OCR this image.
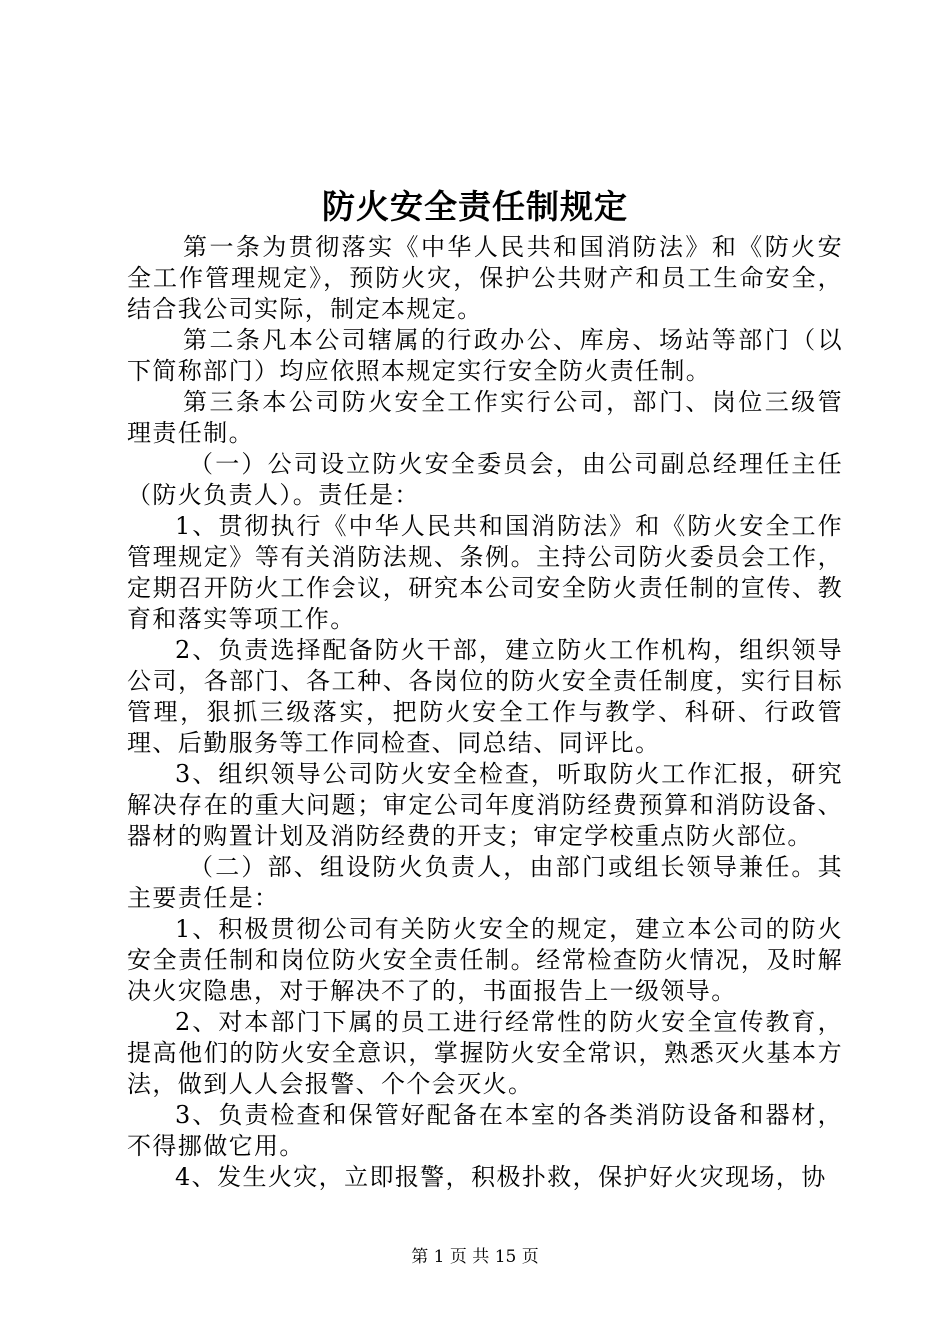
防火安全责任制规定

第一条为贯彻落实《中华人民共和国消防法》和《防火安全工作管理规定》，预防火灾，保护公共财产和员工生命安全，结合我公司实际，制定本规定。

第二条凡本公司辖属的行政办公、库房、场站等部门（以下简称部门）均应依照本规定实行安全防火责任制。

第三条本公司防火安全工作实行公司，部门、岗位三级管理责任制。

（一）公司设立防火安全委员会，由公司副总经理任主任（防火负责人）。责任是：

1、贯彻执行《中华人民共和国消防法》和《防火安全工作管理规定》等有关消防法规、条例。主持公司防火委员会工作，定期召开防火工作会议，研究本公司安全防火责任制的宣传、教育和落实等项工作。

2、负责选择配备防火干部，建立防火工作机构，组织领导公司，各部门、各工种、各岗位的防火安全责任制度，实行目标管理，狠抓三级落实，把防火安全工作与教学、科研、行政管理、后勤服务等工作同检查、同总结、同评比。

3、组织领导公司防火安全检查，听取防火工作汇报，研究解决存在的重大问题；审定公司年度消防经费预算和消防设备、器材的购置计划及消防经费的开支；审定学校重点防火部位。

（二）部、组设防火负责人，由部门或组长领导兼任。其主要责任是：

1、积极贯彻公司有关防火安全的规定，建立本公司的防火安全责任制和岗位防火安全责任制。经常检查防火情况，及时解决火灾隐患，对于解决不了的，书面报告上一级领导。

2、对本部门下属的员工进行经常性的防火安全宣传教育，提高他们的防火安全意识，掌握防火安全常识，熟悉灭火基本方法，做到人人会报警、个个会灭火。

3、负责检查和保管好配备在本室的各类消防设备和器材，不得挪做它用。

4、发生火灾，立即报警，积极扑救，保护好火灾现场，协

第 1 页 共 15 页
